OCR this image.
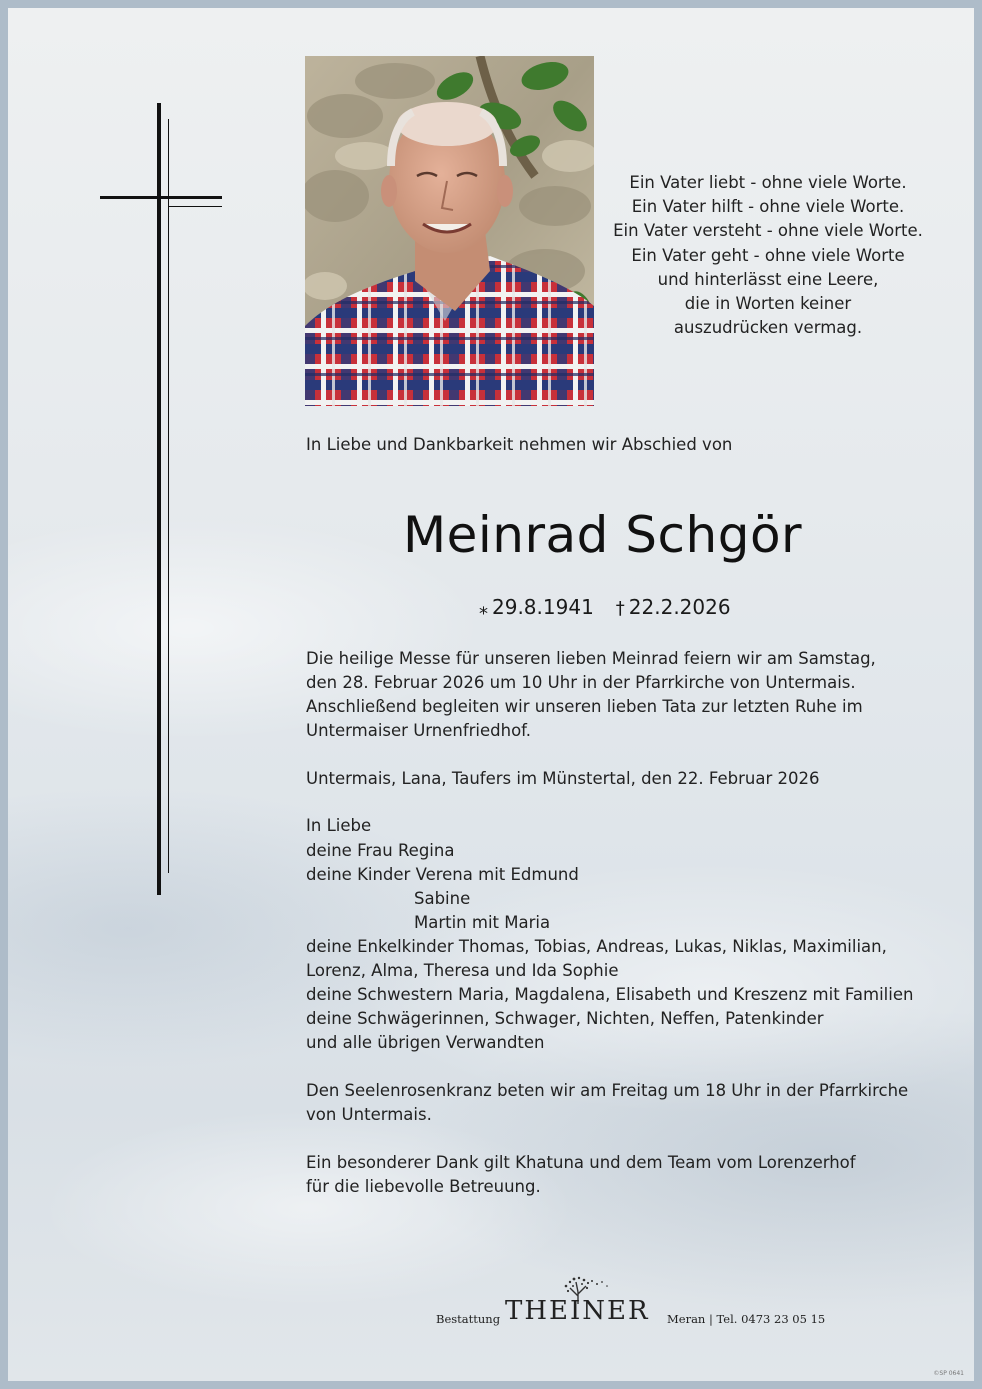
Ein Vater liebt - ohne viele Worte.
Ein Vater hilft - ohne viele Worte.
Ein Vater versteht - ohne viele Worte.
Ein Vater geht - ohne viele Worte
und hinterlässt eine Leere,
die in Worten keiner
auszudrücken vermag.
In Liebe und Dankbarkeit nehmen wir Abschied von
Meinrad Schgör
⁎ 29.8.1941 † 22.2.2026
Die heilige Messe für unseren lieben Meinrad feiern wir am Samstag,
den 28. Februar 2026 um 10 Uhr in der Pfarrkirche von Untermais.
Anschließend begleiten wir unseren lieben Tata zur letzten Ruhe im
Untermaiser Urnenfriedhof.
Untermais, Lana, Taufers im Münstertal, den 22. Februar 2026
In Liebe
deine Frau Regina
deine Kinder Verena mit Edmund
Sabine
Martin mit Maria
deine Enkelkinder Thomas, Tobias, Andreas, Lukas, Niklas, Maximilian,
Lorenz, Alma, Theresa und Ida Sophie
deine Schwestern Maria, Magdalena, Elisabeth und Kreszenz mit Familien
deine Schwägerinnen, Schwager, Nichten, Neffen, Patenkinder
und alle übrigen Verwandten
Den Seelenrosenkranz beten wir am Freitag um 18 Uhr in der Pfarrkirche
von Untermais.
Ein besonderer Dank gilt Khatuna und dem Team vom Lorenzerhof
für die liebevolle Betreuung.
Bestattung THEINER Meran | Tel. 0473 23 05 15
©SP 0641
